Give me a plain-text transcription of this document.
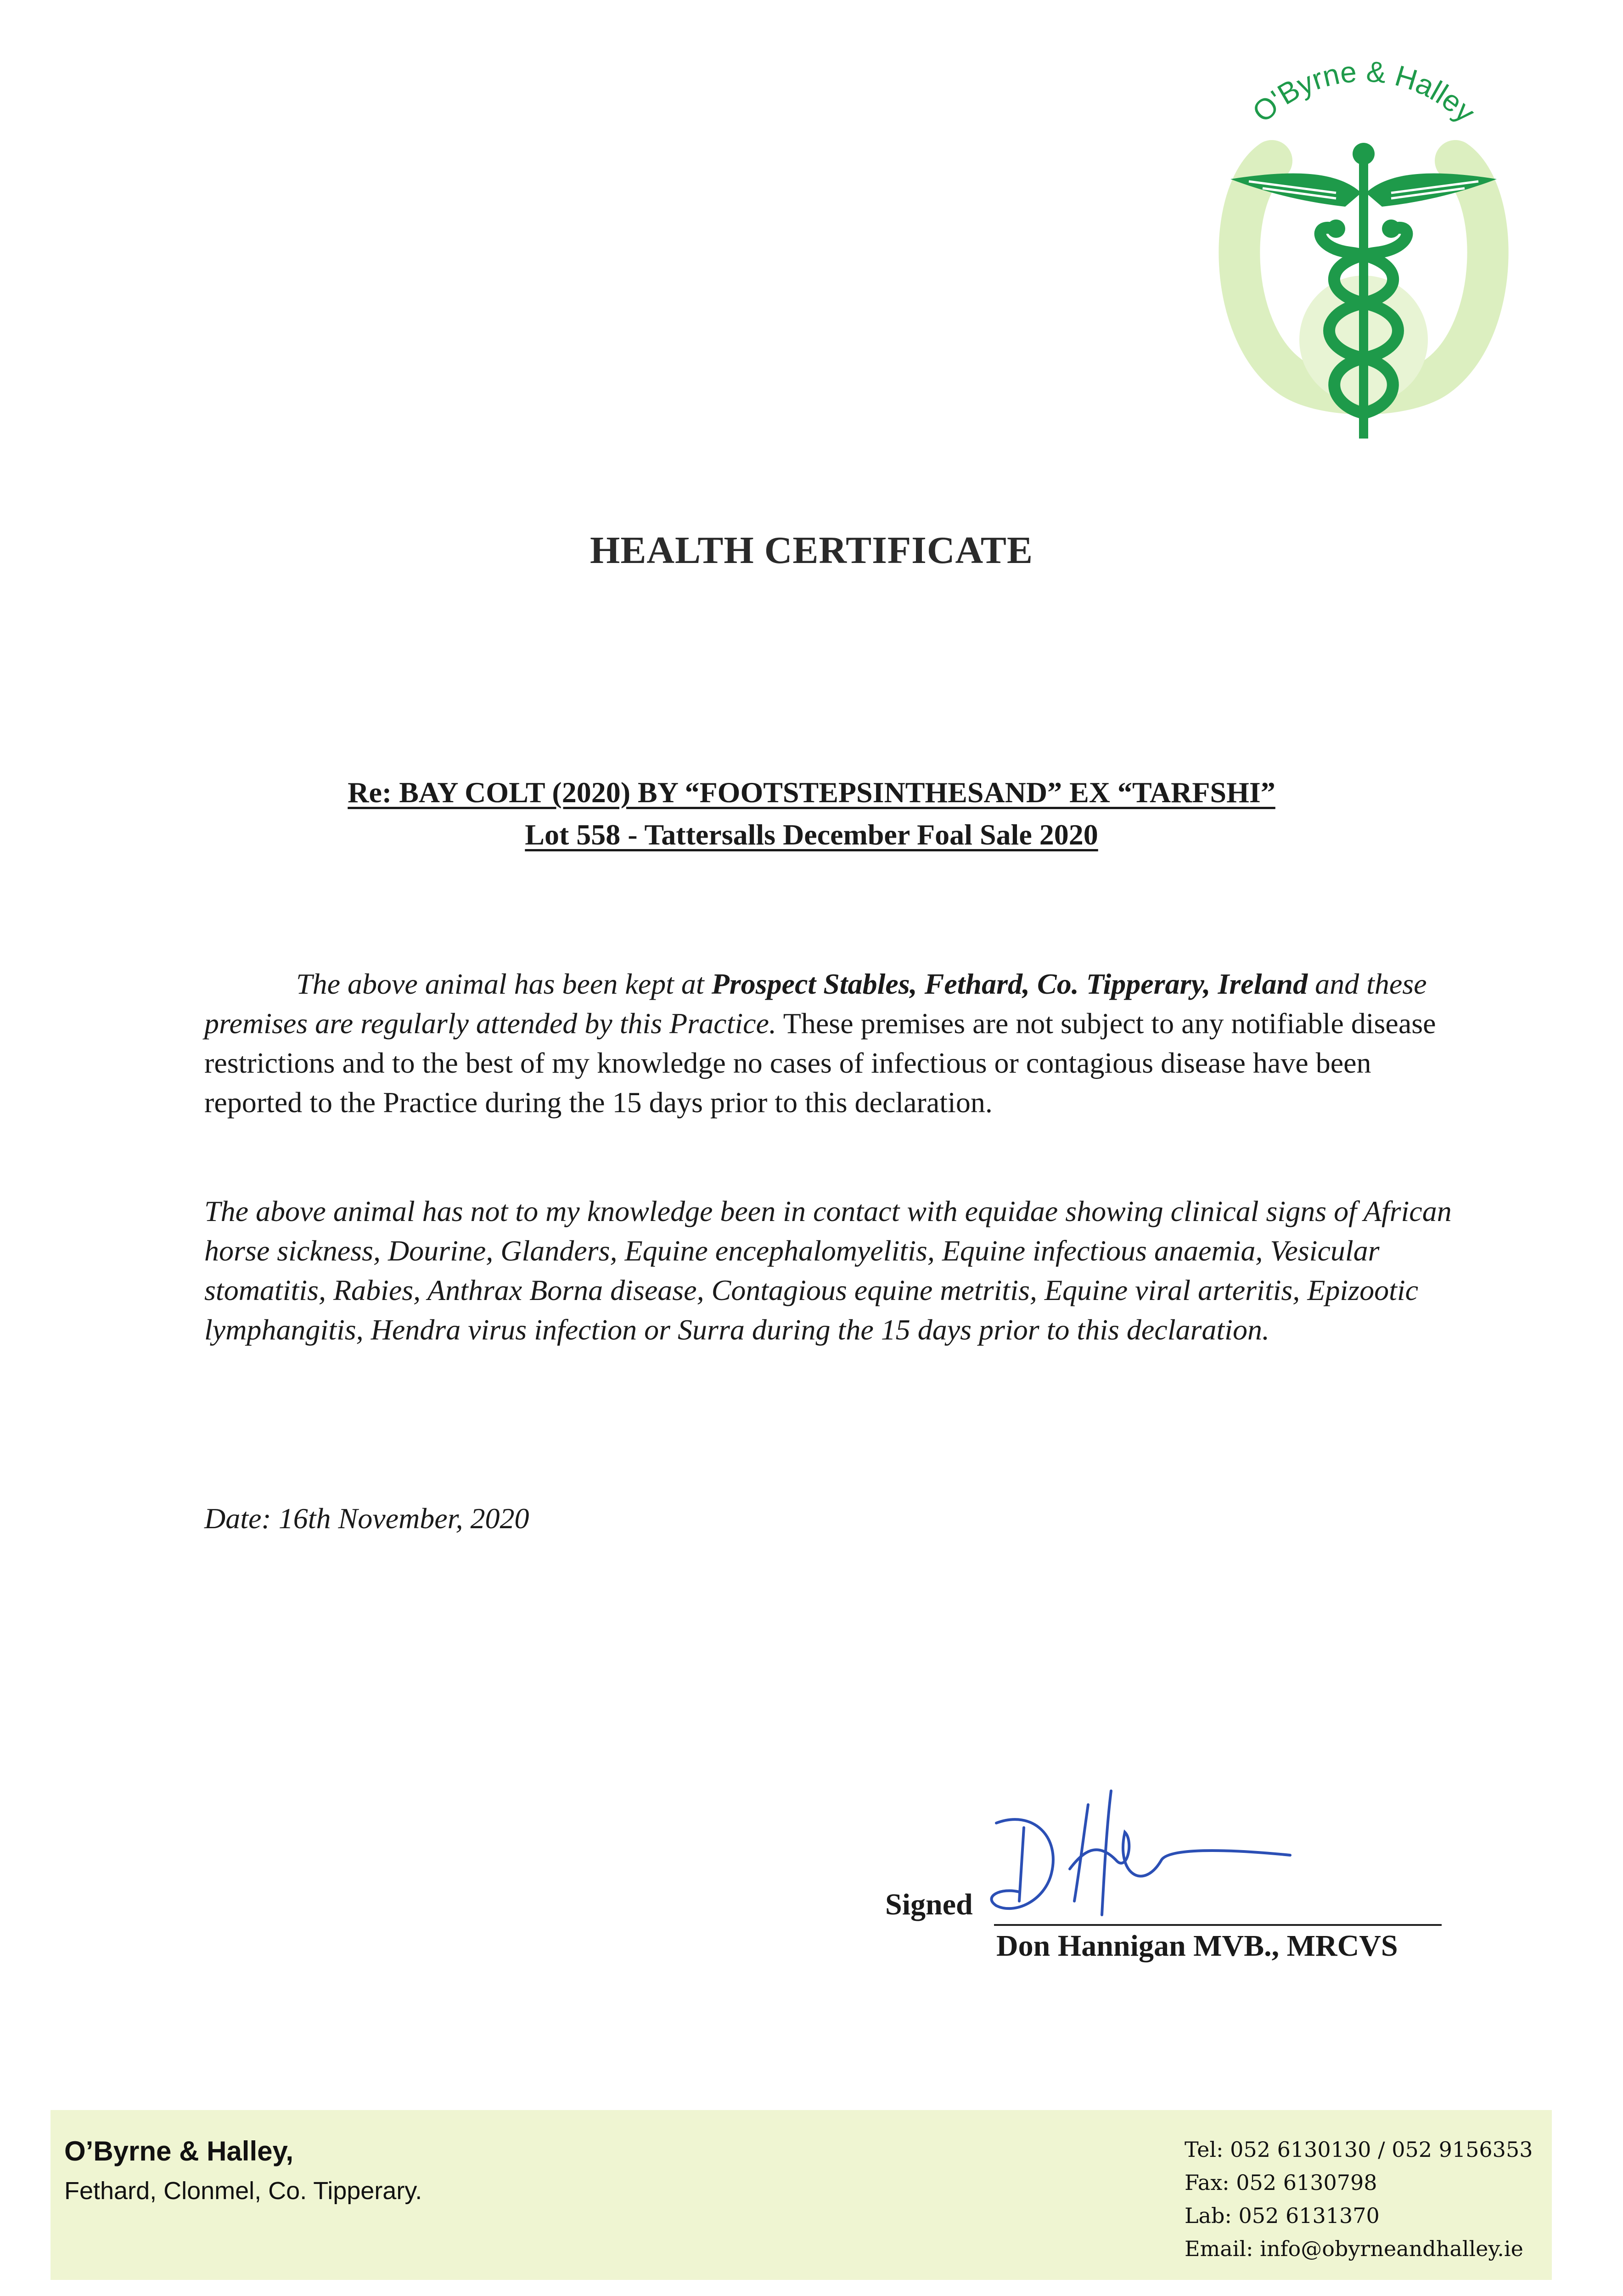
O'Byrne & Halley
HEALTH CERTIFICATE
Re: BAY COLT (2020) BY “FOOTSTEPSINTHESAND” EX “TARFSHI”
Lot 558 - Tattersalls December Foal Sale 2020
The above animal has been kept at Prospect Stables, Fethard, Co. Tipperary, Ireland and these premises are regularly attended by this Practice. These premises are not subject to any notifiable disease restrictions and to the best of my knowledge no cases of infectious or contagious disease have been reported to the Practice during the 15 days prior to this declaration.
The above animal has not to my knowledge been in contact with equidae showing clinical signs of African horse sickness, Dourine, Glanders, Equine encephalomyelitis, Equine infectious anaemia, Vesicular stomatitis, Rabies, Anthrax Borna disease, Contagious equine metritis, Equine viral arteritis, Epizootic lymphangitis, Hendra virus infection or Surra during the 15 days prior to this declaration.
Date: 16th November, 2020
Signed
Don Hannigan MVB., MRCVS
O’Byrne & Halley,
Fethard, Clonmel, Co. Tipperary.
Tel: 052 6130130 / 052 9156353
Fax: 052 6130798
Lab: 052 6131370
Email: info@obyrneandhalley.ie
